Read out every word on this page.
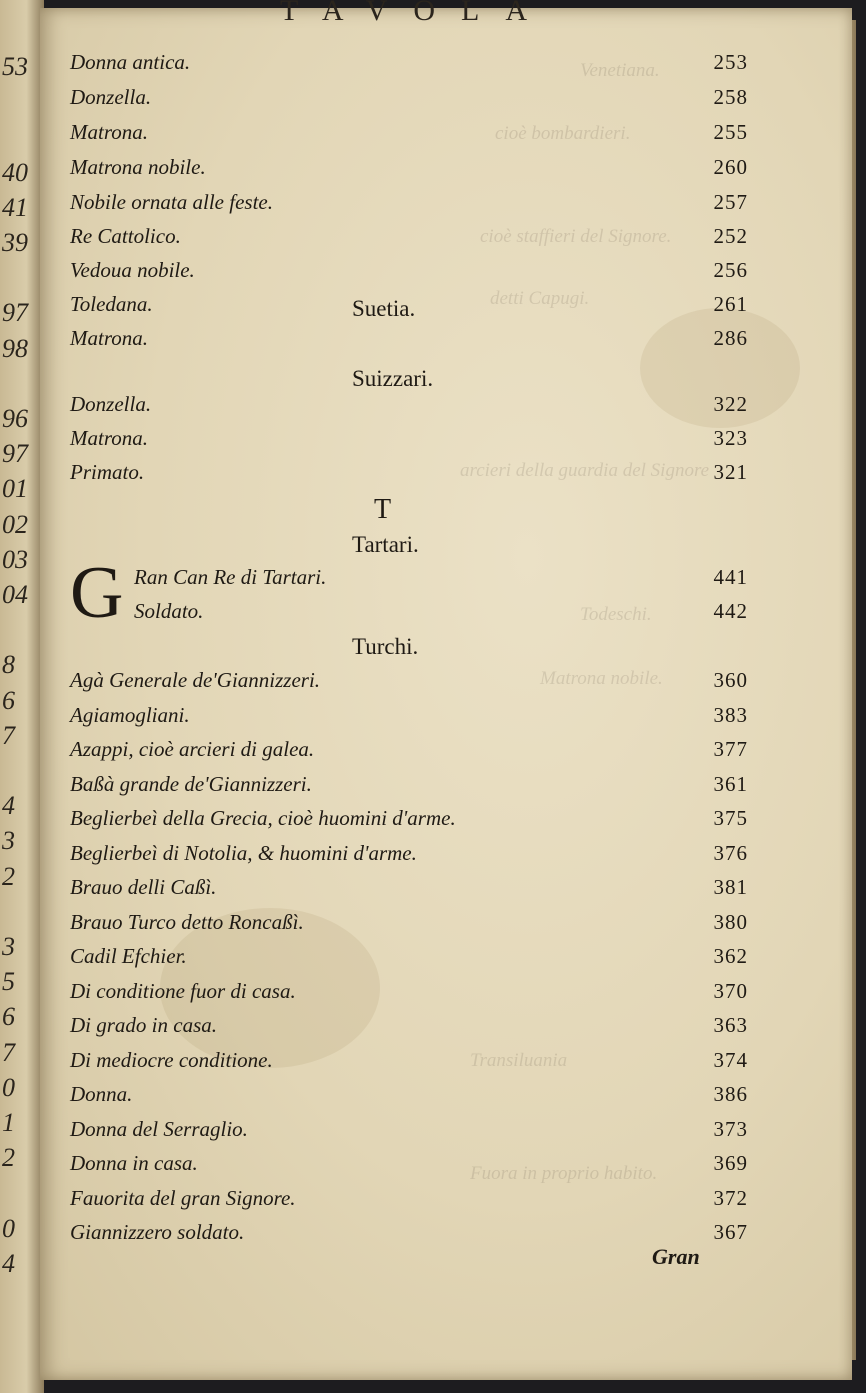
53
40
41
39
97
98
96
97
01
02
03
04
8
6
7
4
3
2
3
5
6
7
0
1
2
0
4
Venetiana.
cioè bombardieri.
cioè staffieri del Signore.
detti Capugi.
arcieri della guardia del Signore
Todeschi.
Matrona nobile.
Transiluania
Fuora in proprio habito.
TAVOLA
Donna antica.	253
Donzella.	258
Matrona.	255
Matrona nobile.	260
Nobile ornata alle feste.	257
Re Cattolico.	252
Vedoua nobile.	256
Toledana.	261
Suetia.
Matrona.	286
Suizzari.
Donzella.	322
Matrona.	323
Primato.	321
T
Tartari.
G Ran Can Re di Tartari.	441
Soldato.	442
Turchi.
Agà Generale de'Giannizzeri.	360
Agiamogliani.	383
Azappi, cioè arcieri di galea.	377
Baßà grande de'Giannizzeri.	361
Beglierbeì della Grecia, cioè huomini d'arme.	375
Beglierbeì di Notolia, & huomini d'arme.	376
Brauo delli Caßì.	381
Brauo Turco detto Roncaßì.	380
Cadil Efchier.	362
Di conditione fuor di casa.	370
Di grado in casa.	363
Di mediocre conditione.	374
Donna.	386
Donna del Serraglio.	373
Donna in casa.	369
Fauorita del gran Signore.	372
Giannizzero soldato.	367
Gran
